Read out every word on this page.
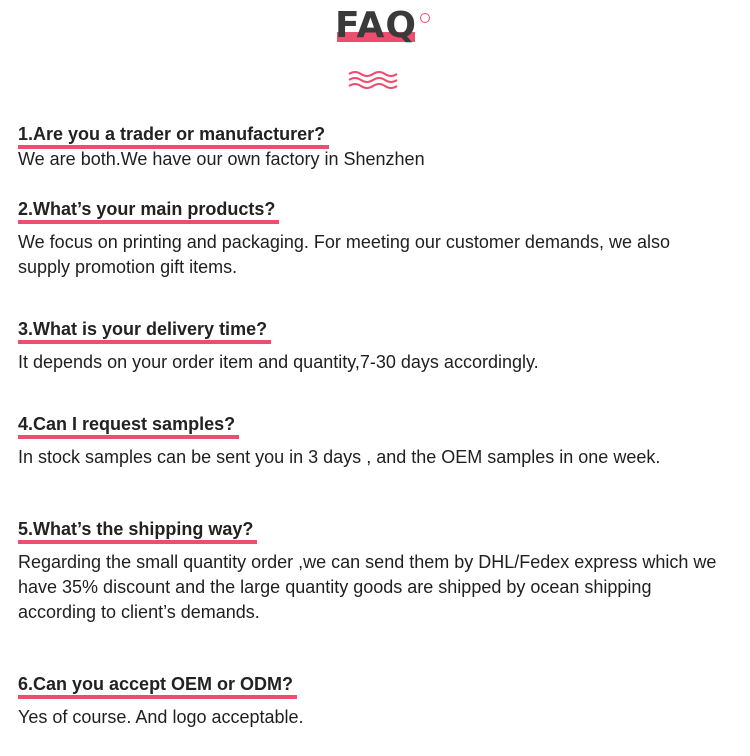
FAQ
1.Are you a trader or manufacturer?

We are both.We have our own factory in Shenzhen

2.What’s your main products?

We focus on printing and packaging. For meeting our customer demands, we also
supply promotion gift items.

3.What is your delivery time?

It depends on your order item and quantity,7-30 days accordingly.

4.Can I request samples?

In stock samples can be sent you in 3 days , and the OEM samples in one week.

5.What’s the shipping way?

Regarding the small quantity order ,we can send them by DHL/Fedex express which we
have 35% discount and the large quantity goods are shipped by ocean shipping
according to client’s demands.

6.Can you accept OEM or ODM?

Yes of course. And logo acceptable.
